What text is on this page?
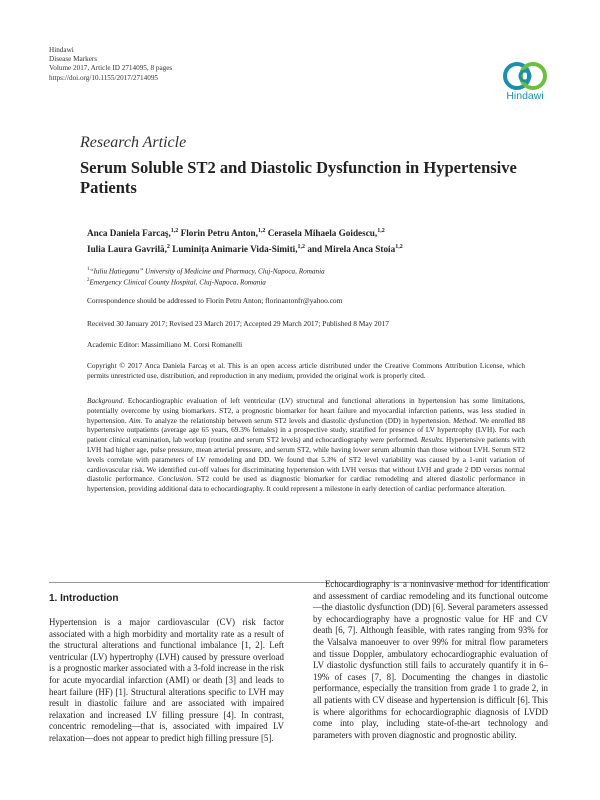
Hindawi
Disease Markers
Volume 2017, Article ID 2714095, 8 pages
https://doi.org/10.1155/2017/2714095
Hindawi
Research Article
Serum Soluble ST2 and Diastolic Dysfunction in Hypertensive Patients
Anca Daniela Farcaş,$^{1,2}$ Florin Petru Anton,$^{1,2}$ Cerasela Mihaela Goidescu,$^{1,2}$
Iulia Laura Gavrilă,$^2$ Luminița Animarie Vida-Simiti,$^{1,2}$ and Mirela Anca Stoia$^{1,2}$
$^1$“Iuliu Hatieganu” University of Medicine and Pharmacy, Cluj-Napoca, Romania
$^2$Emergency Clinical County Hospital, Cluj-Napoca, Romania
Correspondence should be addressed to Florin Petru Anton; florinantonfr@yahoo.com
Received 30 January 2017; Revised 23 March 2017; Accepted 29 March 2017; Published 8 May 2017
Academic Editor: Massimiliano M. Corsi Romanelli
Copyright © 2017 Anca Daniela Farcaş et al. This is an open access article distributed under the Creative Commons Attribution License, which permits unrestricted use, distribution, and reproduction in any medium, provided the original work is properly cited.
Background. Echocardiographic evaluation of left ventricular (LV) structural and functional alterations in hypertension has some limitations, potentially overcome by using biomarkers. ST2, a prognostic biomarker for heart failure and myocardial infarction patients, was less studied in hypertension. Aim. To analyze the relationship between serum ST2 levels and diastolic dysfunction (DD) in hypertension. Method. We enrolled 88 hypertensive outpatients (average age 65 years, 69.3% females) in a prospective study, stratified for presence of LV hypertrophy (LVH). For each patient clinical examination, lab workup (routine and serum ST2 levels) and echocardiography were performed. Results. Hypertensive patients with LVH had higher age, pulse pressure, mean arterial pressure, and serum ST2, while having lower serum albumin than those without LVH. Serum ST2 levels correlate with parameters of LV remodeling and DD. We found that 5.3% of ST2 level variability was caused by a 1-unit variation of cardiovascular risk. We identified cut-off values for discriminating hypertension with LVH versus that without LVH and grade 2 DD versus normal diastolic performance. Conclusion. ST2 could be used as diagnostic biomarker for cardiac remodeling and altered diastolic performance in hypertension, providing additional data to echocardiography. It could represent a milestone in early detection of cardiac performance alteration.
1. Introduction
Hypertension is a major cardiovascular (CV) risk factor associated with a high morbidity and mortality rate as a result of the structural alterations and functional imbalance [1, 2]. Left ventricular (LV) hypertrophy (LVH) caused by pressure overload is a prognostic marker associated with a 3-fold increase in the risk for acute myocardial infarction (AMI) or death [3] and leads to heart failure (HF) [1]. Structural alterations specific to LVH may result in diastolic failure and are associated with impaired relaxation and increased LV filling pressure [4]. In contrast, concentric remodeling—that is, associated with impaired LV relaxation—does not appear to predict high filling pressure [5].
Echocardiography is a noninvasive method for identification and assessment of cardiac remodeling and its functional outcome—the diastolic dysfunction (DD) [6]. Several parameters assessed by echocardiography have a prognostic value for HF and CV death [6, 7]. Although feasible, with rates ranging from 93% for the Valsalva manoeuver to over 99% for mitral flow parameters and tissue Doppler, ambulatory echocardiographic evaluation of LV diastolic dysfunction still fails to accurately quantify it in 6–19% of cases [7, 8]. Documenting the changes in diastolic performance, especially the transition from grade 1 to grade 2, in all patients with CV disease and hypertension is difficult [6]. This is where algorithms for echocardiographic diagnosis of LVDD come into play, including state-of-the-art technology and parameters with proven diagnostic and prognostic ability.
